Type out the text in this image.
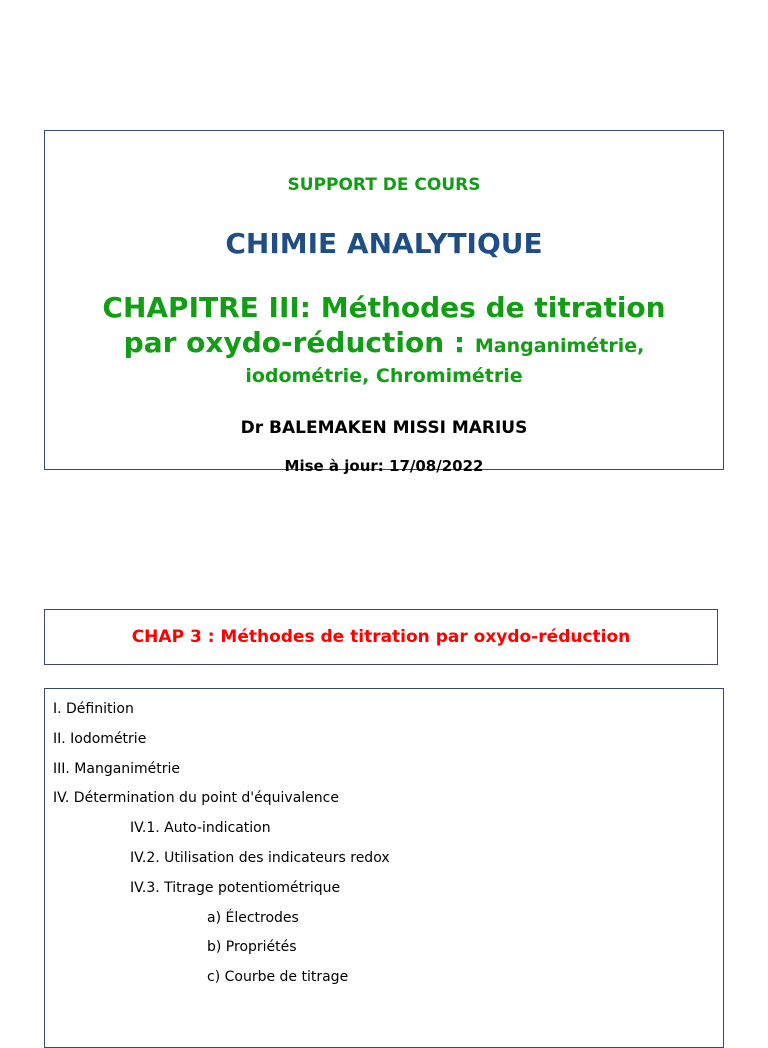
SUPPORT DE COURS
CHIMIE ANALYTIQUE
CHAPITRE III: Méthodes de titration
par oxydo-réduction : Manganimétrie,
iodométrie, Chromimétrie
Dr BALEMAKEN MISSI MARIUS
Mise à jour: 17/08/2022
CHAP 3 : Méthodes de titration par oxydo-réduction
I. Définition
II. Iodométrie
III. Manganimétrie
IV. Détermination du point d'équivalence
IV.1. Auto-indication
IV.2. Utilisation des indicateurs redox
IV.3. Titrage potentiométrique
a) Électrodes
b) Propriétés
c) Courbe de titrage
